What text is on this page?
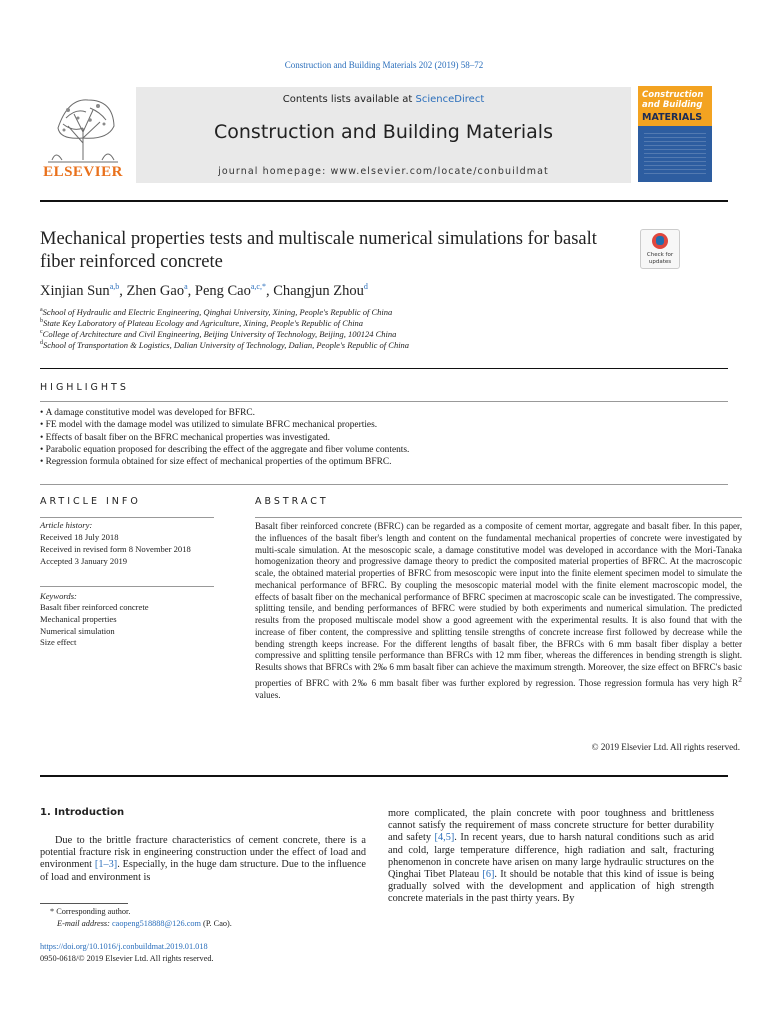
Construction and Building Materials 202 (2019) 58–72
Contents lists available at ScienceDirect
Construction and Building Materials
journal homepage: www.elsevier.com/locate/conbuildmat
ELSEVIER
Construction
and Building
MATERIALS
Mechanical properties tests and multiscale numerical simulations for basalt fiber reinforced concrete	Check for updates
Xinjian Sun$^{a,b}$, Zhen Gao$^a$, Peng Cao$^{a,c,*}$, Changjun Zhou$^d$
$^a$School of Hydraulic and Electric Engineering, Qinghai University, Xining, People's Republic of China
$^b$State Key Laboratory of Plateau Ecology and Agriculture, Xining, People's Republic of China
$^c$College of Architecture and Civil Engineering, Beijing University of Technology, Beijing, 100124 China
$^d$School of Transportation & Logistics, Dalian University of Technology, Dalian, People's Republic of China
HIGHLIGHTS
• A damage constitutive model was developed for BFRC.
• FE model with the damage model was utilized to simulate BFRC mechanical properties.
• Effects of basalt fiber on the BFRC mechanical properties was investigated.
• Parabolic equation proposed for describing the effect of the aggregate and fiber volume contents.
• Regression formula obtained for size effect of mechanical properties of the optimum BFRC.
ARTICLE INFO	ABSTRACT
Article history:
Received 18 July 2018
Received in revised form 8 November 2018
Accepted 3 January 2019
Keywords:
Basalt fiber reinforced concrete
Mechanical properties
Numerical simulation
Size effect

Basalt fiber reinforced concrete (BFRC) can be regarded as a composite of cement mortar, aggregate and basalt fiber. In this paper, the influences of the basalt fiber's length and content on the fundamental mechanical properties of concrete were investigated by multi-scale simulation. At the mesoscopic scale, a damage constitutive model was developed in accordance with the Mori-Tanaka homogenization theory and progressive damage theory to predict the composited material properties of BFRC. At the macroscopic scale, the obtained material properties of BFRC from mesoscopic were input into the finite element specimen model to simulate the mechanical performance of BFRC. By coupling the mesoscopic material model with the finite element macroscopic model, the effects of basalt fiber on the mechanical performance of BFRC specimen at macroscopic scale can be investigated. The compressive, splitting tensile, and bending performances of BFRC were studied by both experiments and numerical simulation. The predicted results from the proposed multiscale model show a good agreement with the experimental results. It is also found that with the increase of fiber content, the compressive and splitting tensile strengths of concrete increase first followed by decrease while the bending strength keeps increase. For the different lengths of basalt fiber, the BFRCs with 6 mm basalt fiber display a better compressive and splitting tensile performance than BFRCs with 12 mm fiber, whereas the differences in bending strength is slight. Results shows that BFRCs with 2‰ 6 mm basalt fiber can achieve the maximum strength. Moreover, the size effect on BFRC's basic properties of BFRC with 2‰ 6 mm basalt fiber was further explored by regression. Those regression formula has very high $R^2$ values.

© 2019 Elsevier Ltd. All rights reserved.
1. Introduction

Due to the brittle fracture characteristics of cement concrete, there is a potential fracture risk in engineering construction under the effect of load and environment [1–3]. Especially, in the huge dam structure. Due to the influence of load and environment is

more complicated, the plain concrete with poor toughness and brittleness cannot satisfy the requirement of mass concrete structure for better durability and safety [4,5]. In recent years, due to harsh natural conditions such as arid and cold, large temperature difference, high radiation and salt, fracturing phenomenon in concrete have arisen on many large hydraulic structures on the Qinghai Tibet Plateau [6]. It should be notable that this kind of issue is being gradually solved with the development and application of high strength concrete materials in the past thirty years. By

* Corresponding author.
E-mail address: caopeng518888@126.com (P. Cao).
https://doi.org/10.1016/j.conbuildmat.2019.01.018
0950-0618/© 2019 Elsevier Ltd. All rights reserved.
